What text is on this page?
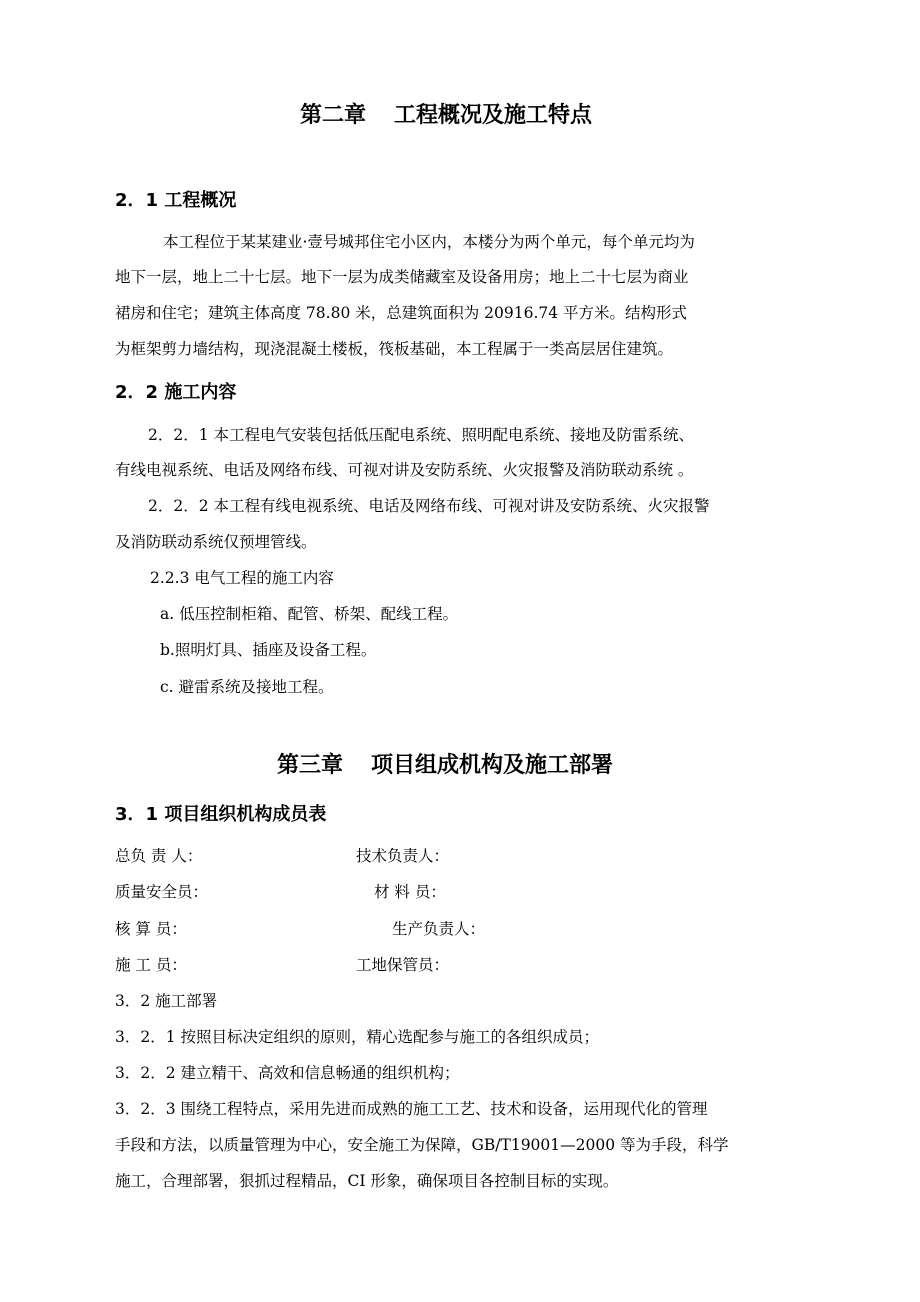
第二章 工程概况及施工特点
2．1 工程概况
本工程位于某某建业·壹号城邦住宅小区内，本楼分为两个单元，每个单元均为
地下一层，地上二十七层。地下一层为成类储藏室及设备用房；地上二十七层为商业
裙房和住宅；建筑主体高度 78.80 米，总建筑面积为 20916.74 平方米。结构形式
为框架剪力墙结构，现浇混凝土楼板，筏板基础，本工程属于一类高层居住建筑。
2．2 施工内容
2．2．1 本工程电气安装包括低压配电系统、照明配电系统、接地及防雷系统、
有线电视系统、电话及网络布线、可视对讲及安防系统、火灾报警及消防联动系统 。
2．2．2 本工程有线电视系统、电话及网络布线、可视对讲及安防系统、火灾报警
及消防联动系统仅预埋管线。
2.2.3 电气工程的施工内容
a. 低压控制柜箱、配管、桥架、配线工程。
b.照明灯具、插座及设备工程。
c. 避雷系统及接地工程。
第三章 项目组成机构及施工部署
3．1 项目组织机构成员表
总负 责 人：	技术负责人：
质量安全员：	材 料 员：
核 算 员：	生产负责人：
施 工 员：	工地保管员：
3．2 施工部署
3．2．1 按照目标决定组织的原则，精心选配参与施工的各组织成员；
3．2．2 建立精干、高效和信息畅通的组织机构；
3．2．3 围绕工程特点，采用先进而成熟的施工工艺、技术和设备，运用现代化的管理
手段和方法，以质量管理为中心，安全施工为保障，GB/T19001—2000 等为手段，科学
施工，合理部署，狠抓过程精品，CI 形象，确保项目各控制目标的实现。
